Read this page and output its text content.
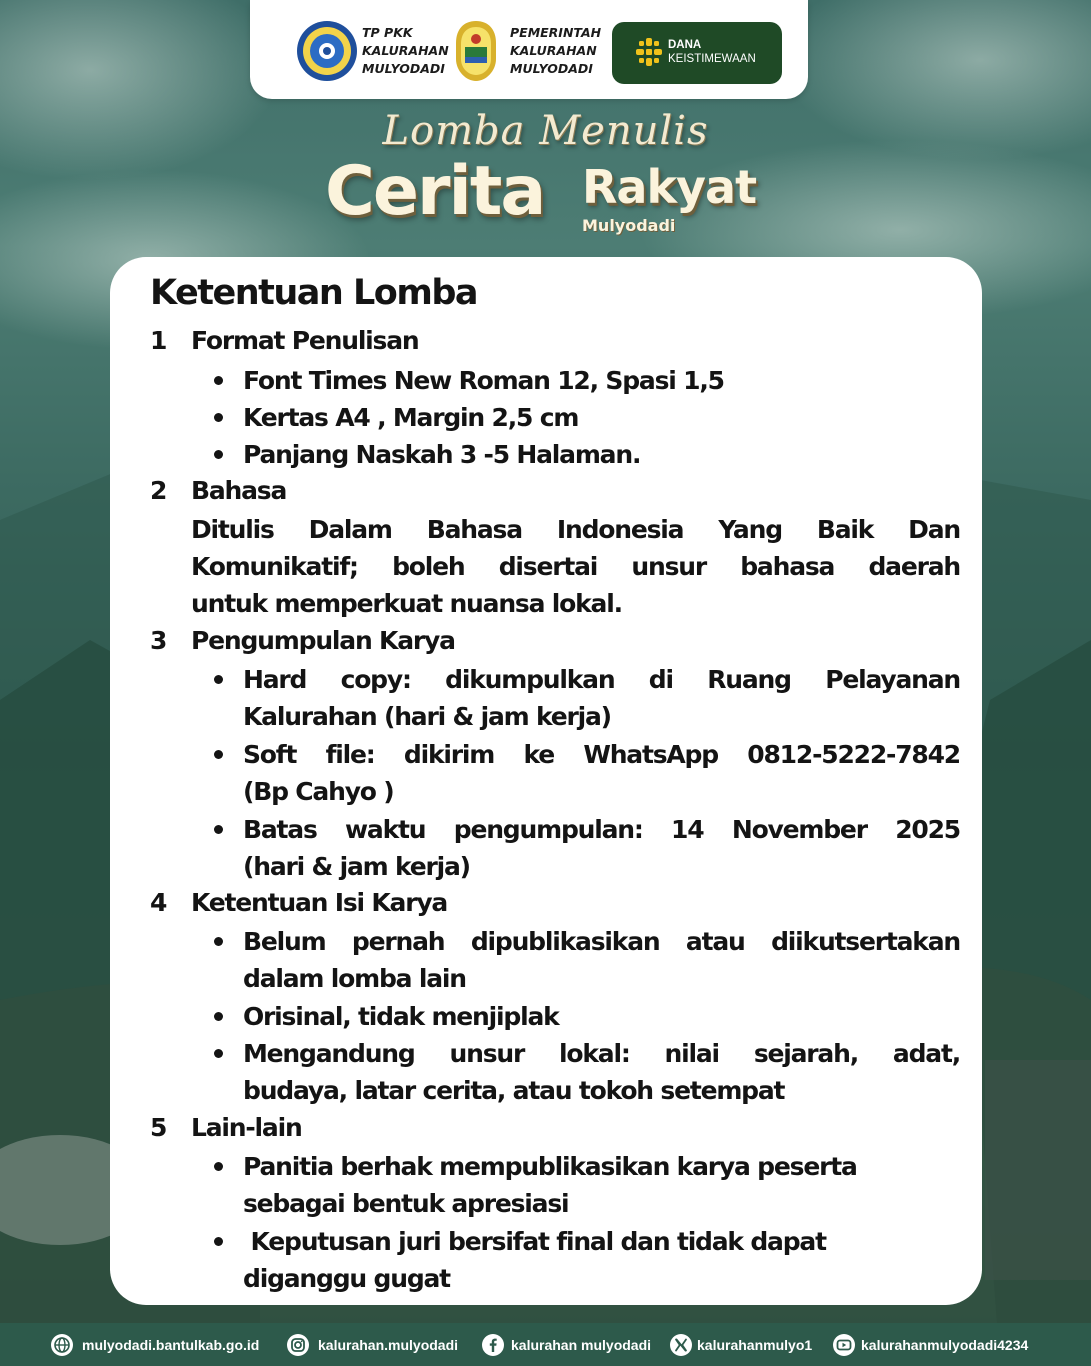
TP PKK
KALURAHAN
MULYODADI
PEMERINTAH
KALURAHAN
MULYODADI
DANA
KEISTIMEWAAN
Lomba Menulis
Cerita Rakyat
Mulyodadi
Ketentuan Lomba
1 Format Penulisan
Font Times New Roman 12, Spasi 1,5
Kertas A4 , Margin 2,5 cm
Panjang Naskah 3 -5 Halaman.
2 Bahasa
Ditulis Dalam Bahasa Indonesia Yang Baik Dan
Komunikatif; boleh disertai unsur bahasa daerah
untuk memperkuat nuansa lokal.
3 Pengumpulan Karya
Hard copy: dikumpulkan di Ruang Pelayanan
Kalurahan (hari & jam kerja)
Soft file: dikirim ke WhatsApp 0812-5222-7842
(Bp Cahyo )
Batas waktu pengumpulan: 14 November 2025
(hari & jam kerja)
4 Ketentuan Isi Karya
Belum pernah dipublikasikan atau diikutsertakan
dalam lomba lain
Orisinal, tidak menjiplak
Mengandung unsur lokal: nilai sejarah, adat,
budaya, latar cerita, atau tokoh setempat
5 Lain-lain
Panitia berhak mempublikasikan karya peserta
sebagai bentuk apresiasi
Keputusan juri bersifat final dan tidak dapat
diganggu gugat
mulyodadi.bantulkab.go.id	kalurahan.mulyodadi	kalurahan mulyodadi	kalurahanmulyo1	kalurahanmulyodadi4234
